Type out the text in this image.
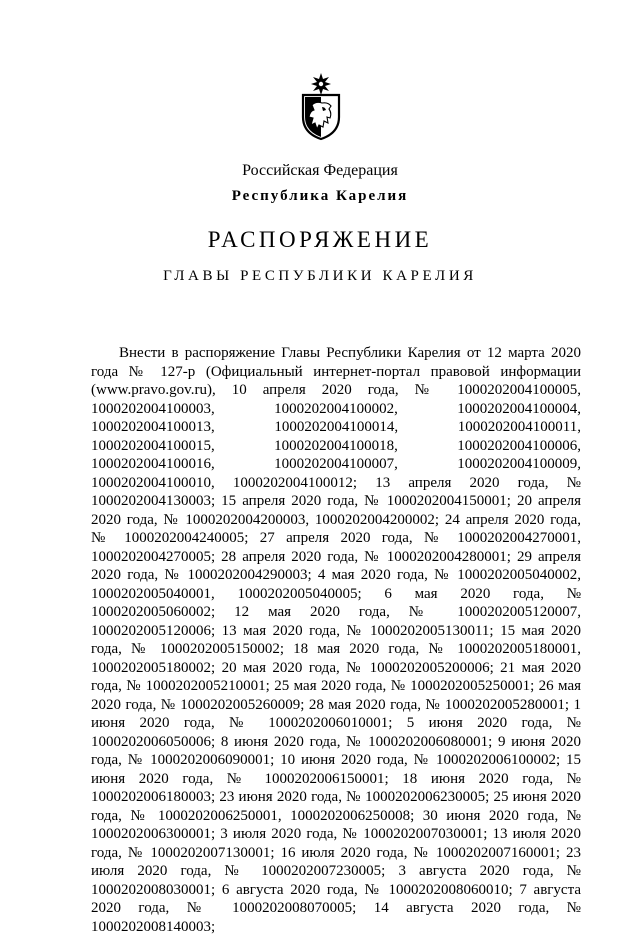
Российская Федерация
Республика Карелия
РАСПОРЯЖЕНИЕ
ГЛАВЫ РЕСПУБЛИКИ КАРЕЛИЯ

Внести в распоряжение Главы Республики Карелия от 12 марта 2020 года № 127-р (Официальный интернет-портал правовой информации (www.pravo.gov.ru), 10 апреля 2020 года, № 1000202004100005, 1000202004100003, 1000202004100002, 1000202004100004, 1000202004100013, 1000202004100014, 1000202004100011, 1000202004100015, 1000202004100018, 1000202004100006, 1000202004100016, 1000202004100007, 1000202004100009, 1000202004100010, 1000202004100012; 13 апреля 2020 года, № 1000202004130003; 15 апреля 2020 года, № 1000202004150001; 20 апреля 2020 года, № 1000202004200003, 1000202004200002; 24 апреля 2020 года, № 1000202004240005; 27 апреля 2020 года, № 1000202004270001, 1000202004270005; 28 апреля 2020 года, № 1000202004280001; 29 апреля 2020 года, № 1000202004290003; 4 мая 2020 года, № 1000202005040002, 1000202005040001, 1000202005040005; 6 мая 2020 года, № 1000202005060002; 12 мая 2020 года, № 1000202005120007, 1000202005120006; 13 мая 2020 года, № 1000202005130011; 15 мая 2020 года, № 1000202005150002; 18 мая 2020 года, № 1000202005180001, 1000202005180002; 20 мая 2020 года, № 1000202005200006; 21 мая 2020 года, № 1000202005210001; 25 мая 2020 года, № 1000202005250001; 26 мая 2020 года, № 1000202005260009; 28 мая 2020 года, № 1000202005280001; 1 июня 2020 года, № 1000202006010001; 5 июня 2020 года, № 1000202006050006; 8 июня 2020 года, № 1000202006080001; 9 июня 2020 года, № 1000202006090001; 10 июня 2020 года, № 1000202006100002; 15 июня 2020 года, № 1000202006150001; 18 июня 2020 года, № 1000202006180003; 23 июня 2020 года, № 1000202006230005; 25 июня 2020 года, № 1000202006250001, 1000202006250008; 30 июня 2020 года, № 1000202006300001; 3 июля 2020 года, № 1000202007030001; 13 июля 2020 года, № 1000202007130001; 16 июля 2020 года, № 1000202007160001; 23 июля 2020 года, № 1000202007230005; 3 августа 2020 года, № 1000202008030001; 6 августа 2020 года, № 1000202008060010; 7 августа 2020 года, № 1000202008070005; 14 августа 2020 года, № 1000202008140003;
